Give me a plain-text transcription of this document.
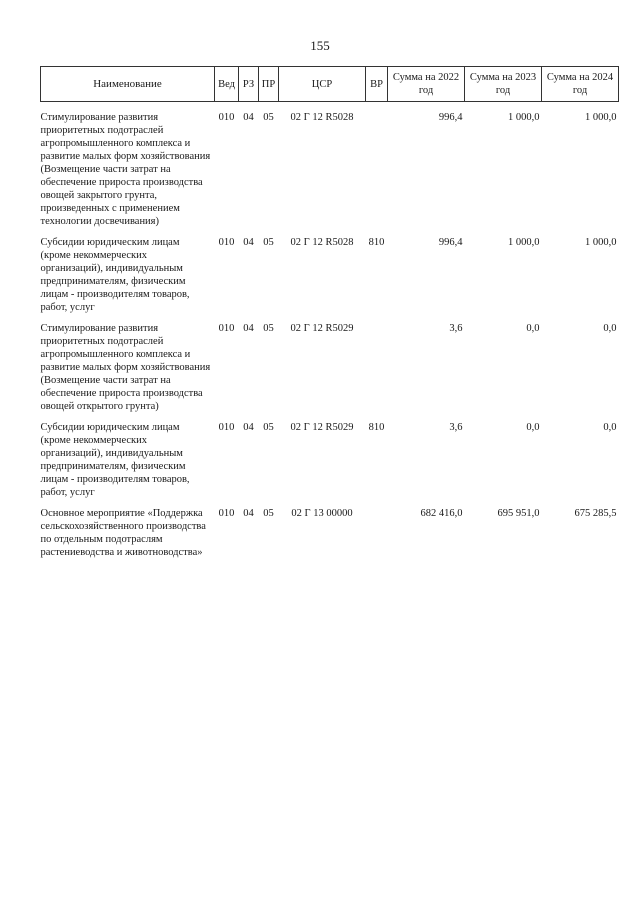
155
Наименование	Вед	РЗ	ПР	ЦСР	ВР	Сумма на 2022 год	Сумма на 2023 год	Сумма на 2024 год
Стимулирование развития приоритетных подотраслей агропромышленного комплекса и развитие малых форм хозяйствования (Возмещение части затрат на обеспечение прироста производства овощей закрытого грунта, произведенных с применением технологии досвечивания)	010	04	05	02 Г 12 R5028		996,4	1 000,0	1 000,0
Субсидии юридическим лицам (кроме некоммерческих организаций), индивидуальным предпринимателям, физическим лицам - производителям товаров, работ, услуг	010	04	05	02 Г 12 R5028	810	996,4	1 000,0	1 000,0
Стимулирование развития приоритетных подотраслей агропромышленного комплекса и развитие малых форм хозяйствования (Возмещение части затрат на обеспечение прироста производства овощей открытого грунта)	010	04	05	02 Г 12 R5029		3,6	0,0	0,0
Субсидии юридическим лицам (кроме некоммерческих организаций), индивидуальным предпринимателям, физическим лицам - производителям товаров, работ, услуг	010	04	05	02 Г 12 R5029	810	3,6	0,0	0,0
Основное мероприятие «Поддержка сельскохозяйственного производства по отдельным подотраслям растениеводства и животноводства»	010	04	05	02 Г 13 00000		682 416,0	695 951,0	675 285,5
